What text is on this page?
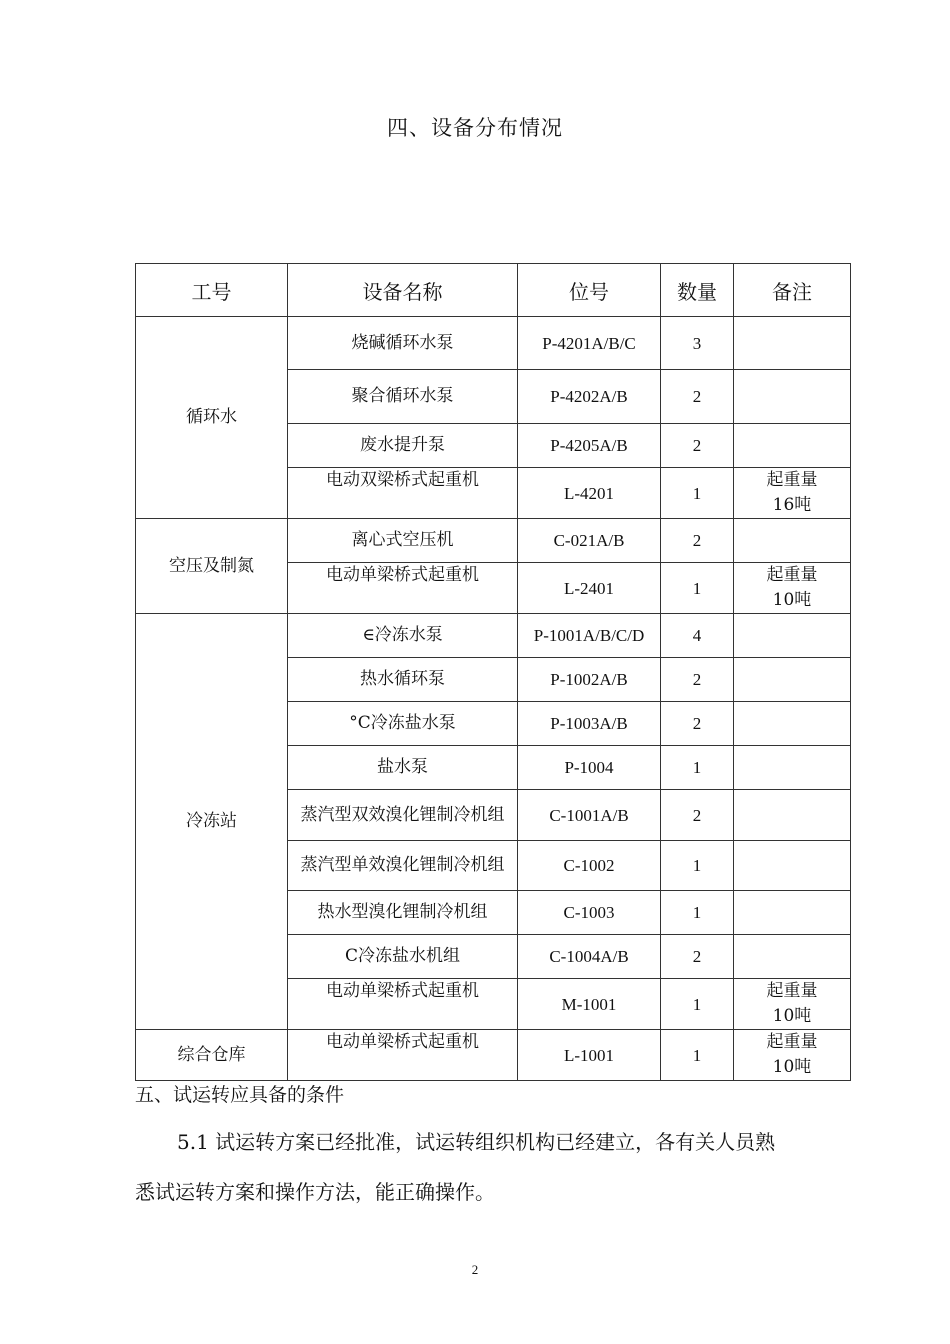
四、设备分布情况
工号	设备名称	位号	数量	备注
循环水	烧碱循环水泵	P-4201A/B/C	3	
	聚合循环水泵	P-4202A/B	2	
	废水提升泵	P-4205A/B	2	
	电动双梁桥式起重机	L-4201	1	起重量
16吨

空压及制氮	离心式空压机	C-021A/B	2	
	电动单梁桥式起重机	L-2401	1	起重量
10吨

冷冻站	∈冷冻水泵	P-1001A/B/C/D	4	
	热水循环泵	P-1002A/B	2	
	°C冷冻盐水泵	P-1003A/B	2	
	盐水泵	P-1004	1	
	蒸汽型双效溴化锂制冷机组	C-1001A/B	2	
	蒸汽型单效溴化锂制冷机组	C-1002	1	
	热水型溴化锂制冷机组	C-1003	1	
	C冷冻盐水机组	C-1004A/B	2	
	电动单梁桥式起重机	M-1001	1	起重量
10吨

综合仓库	电动单梁桥式起重机	L-1001	1	起重量
10吨
五、试运转应具备的条件
5.1 试运转方案已经批准，试运转组织机构已经建立，各有关人员熟
悉试运转方案和操作方法，能正确操作。
2
